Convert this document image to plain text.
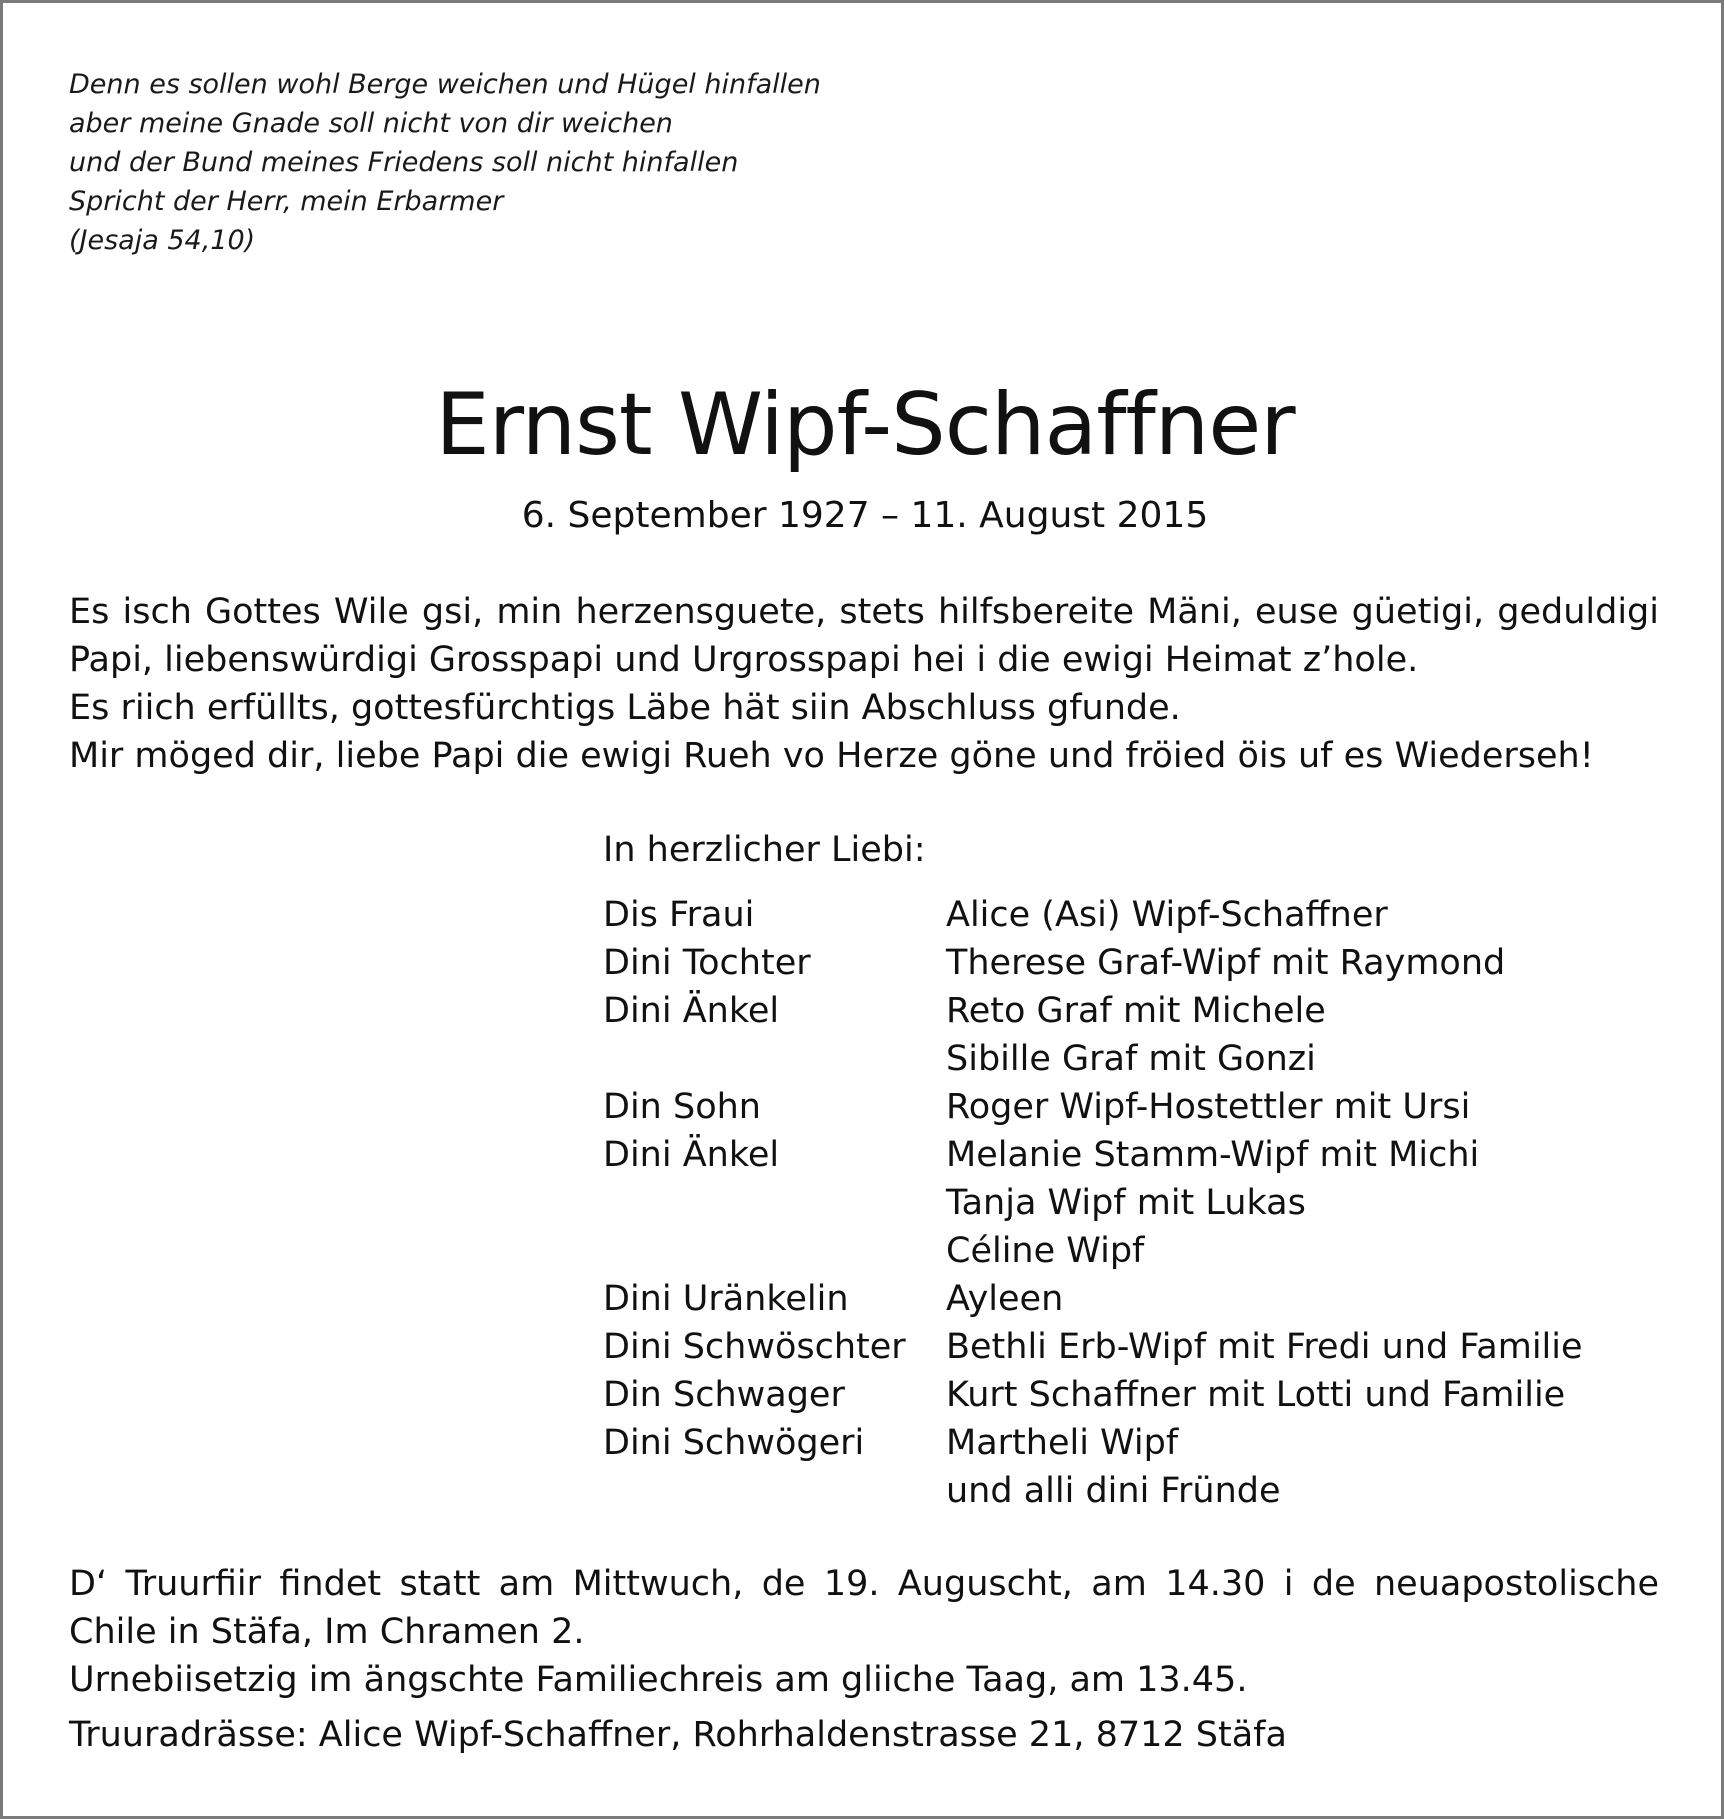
Denn es sollen wohl Berge weichen und Hügel hinfallen
aber meine Gnade soll nicht von dir weichen
und der Bund meines Friedens soll nicht hinfallen
Spricht der Herr, mein Erbarmer
(Jesaja 54,10)
Ernst Wipf-Schaffner
6. September 1927 – 11. August 2015
Es isch Gottes Wile gsi, min herzensguete, stets hilfsbereite Mäni, euse güetigi, geduldigi
Papi, liebenswürdigi Grosspapi und Urgrosspapi hei i die ewigi Heimat z’hole.
Es riich erfüllts, gottesfürchtigs Läbe hät siin Abschluss gfunde.
Mir möged dir, liebe Papi die ewigi Rueh vo Herze göne und fröied öis uf es Wiederseh!
In herzlicher Liebi:
Dis Fraui	Alice (Asi) Wipf-Schaffner
Dini Tochter	Therese Graf-Wipf mit Raymond
Dini Änkel	Reto Graf mit Michele
Sibille Graf mit Gonzi
Din Sohn	Roger Wipf-Hostettler mit Ursi
Dini Änkel	Melanie Stamm-Wipf mit Michi
Tanja Wipf mit Lukas
Céline Wipf
Dini Uränkelin	Ayleen
Dini Schwöschter	Bethli Erb-Wipf mit Fredi und Familie
Din Schwager	Kurt Schaffner mit Lotti und Familie
Dini Schwögeri	Martheli Wipf
und alli dini Fründe
D‘ Truurfiir findet statt am Mittwuch, de 19. Auguscht, am 14.30 i de neuapostolische
Chile in Stäfa, Im Chramen 2.
Urnebiisetzig im ängschte Familiechreis am gliiche Taag, am 13.45.
Truuradrässe: Alice Wipf-Schaffner, Rohrhaldenstrasse 21, 8712 Stäfa
